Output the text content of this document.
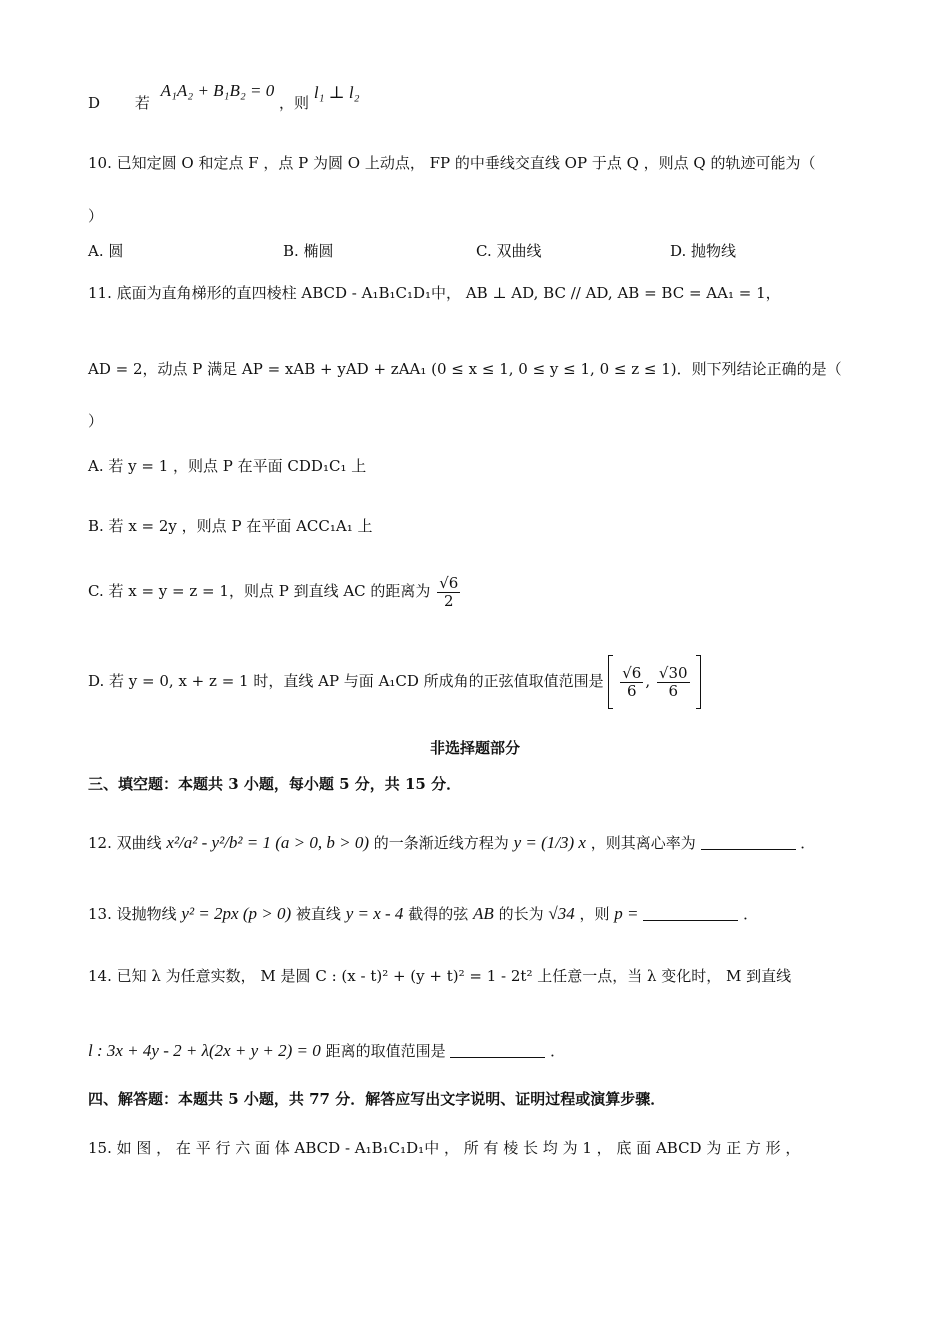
D 若 A₁A₂ + B₁B₂ = 0 ，则 l₁ ⊥ l₂
10. 已知定圆 O 和定点 F ，点 P 为圆 O 上动点， FP 的中垂线交直线 OP 于点 Q ，则点 Q 的轨迹可能为（
）
A. 圆	B. 椭圆	C. 双曲线	D. 抛物线
11. 底面为直角梯形的直四棱柱 ABCD - A₁B₁C₁D₁中， AB ⊥ AD, BC // AD, AB = BC = AA₁ = 1，
AD = 2，动点 P 满足 AP = xAB + yAD + zAA₁ (0 ≤ x ≤ 1, 0 ≤ y ≤ 1, 0 ≤ z ≤ 1)．则下列结论正确的是（
）
A. 若 y = 1 ，则点 P 在平面 CDD₁C₁ 上
B. 若 x = 2y ，则点 P 在平面 ACC₁A₁ 上
C. 若 x = y = z = 1，则点 P 到直线 AC 的距离为 $\frac{√6}{2}$
D. 若 y = 0, x + z = 1 时，直线 AP 与面 A₁CD 所成角的正弦值取值范围是 $\frac{√6}{6}$ , $\frac{√30}{6}$

非选择题部分
三、填空题：本题共 3 小题，每小题 5 分，共 15 分．
12. 双曲线 x²/a² - y²/b² = 1 (a > 0, b > 0) 的一条渐近线方程为 y = (1/3) x ，则其离心率为	．
13. 设抛物线 y² = 2px (p > 0) 被直线 y = x - 4 截得的弦 AB 的长为 √34 ，则 p =	．
14. 已知 λ 为任意实数， M 是圆 C : (x - t)² + (y + t)² = 1 - 2t² 上任意一点，当 λ 变化时， M 到直线
l : 3x + 4y - 2 + λ(2x + y + 2) = 0 距离的取值范围是	．
四、解答题：本题共 5 小题，共 77 分．解答应写出文字说明、证明过程或演算步骤．
15. 如 图 ， 在 平 行 六 面 体 ABCD - A₁B₁C₁D₁中 ， 所 有 棱 长 均 为 1 ， 底 面 ABCD 为 正 方 形 ，
